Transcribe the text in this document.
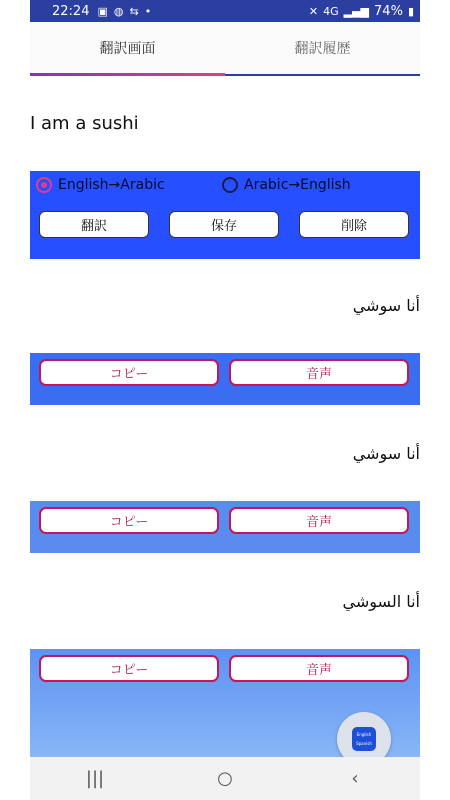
22:24 ▣ ◍ ⇆ •	✕ 4G ▂▄▆ 74% ▮
翻訳画面	翻訳履歴
I am a sushi
English→Arabic	Arabic→English
翻訳	保存	削除
أنا سوشي
コピー	音声
أنا سوشي
コピー	音声
أنا السوشي
コピー	音声
English
Spanish
|||	○	‹
